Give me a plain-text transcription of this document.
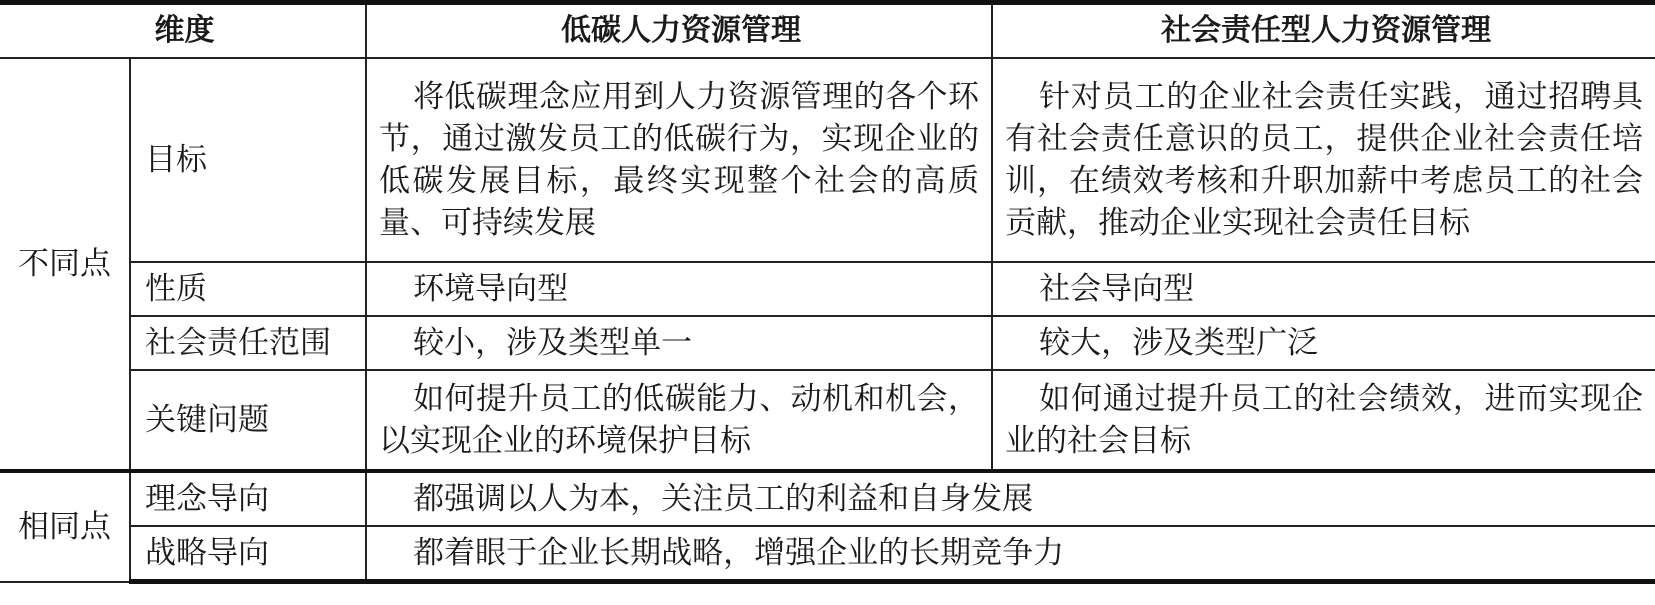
维度		低碳人力资源管理	社会责任型人力资源管理
不同点	目标	将低碳理念应用到人力资源管理的各个环节，通过激发员工的低碳行为，实现企业的低碳发展目标，最终实现整个社会的高质量、可持续发展	针对员工的企业社会责任实践，通过招聘具有社会责任意识的员工，提供企业社会责任培训，在绩效考核和升职加薪中考虑员工的社会贡献，推动企业实现社会责任目标
	性质	环境导向型	社会导向型
	社会责任范围	较小，涉及类型单一	较大，涉及类型广泛
	关键问题	如何提升员工的低碳能力、动机和机会，以实现企业的环境保护目标	如何通过提升员工的社会绩效，进而实现企业的社会目标
相同点	理念导向	都强调以人为本，关注员工的利益和自身发展	
	战略导向	都着眼于企业长期战略，增强企业的长期竞争力	
